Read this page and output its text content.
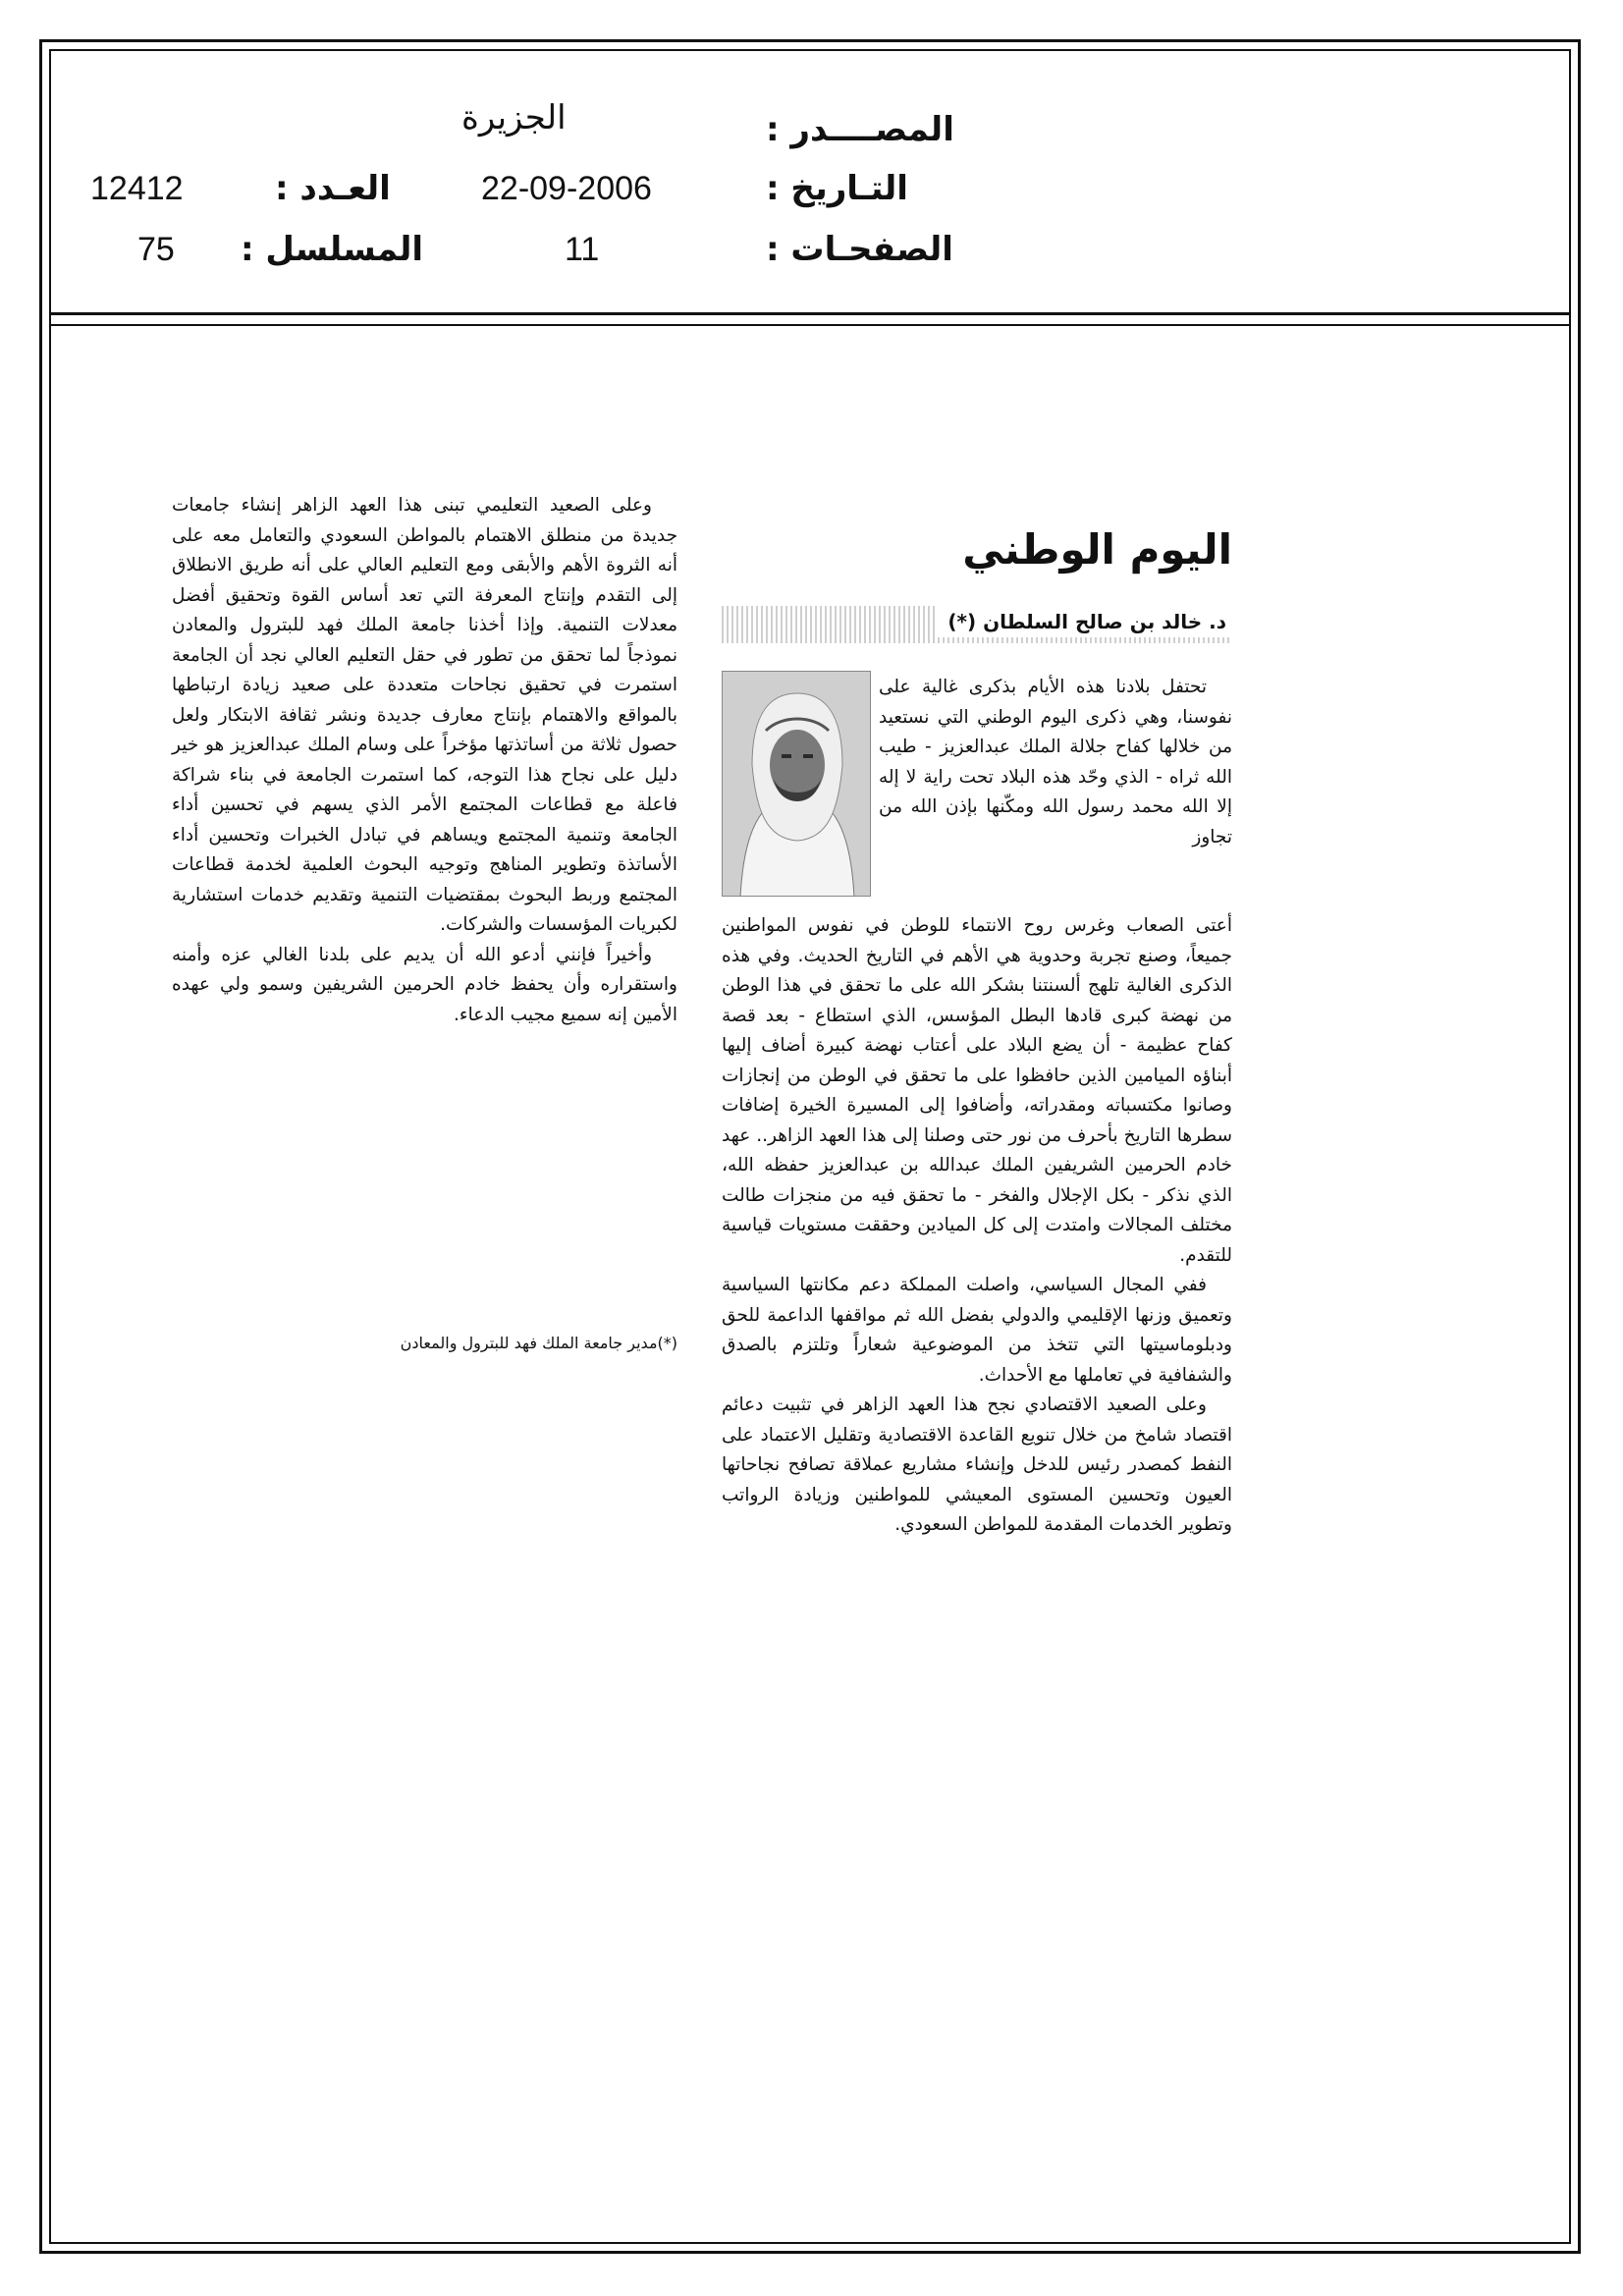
المصــــدر :
الجزيرة
التـاريخ :
22-09-2006
العـدد :
12412
الصفحـات :
11
المسلسل :
75

وعلى الصعيد التعليمي تبنى هذا العهد الزاهر إنشاء جامعات جديدة من منطلق الاهتمام بالمواطن السعودي والتعامل معه على أنه الثروة الأهم والأبقى ومع التعليم العالي على أنه طريق الانطلاق إلى التقدم وإنتاج المعرفة التي تعد أساس القوة وتحقيق أفضل معدلات التنمية. وإذا أخذنا جامعة الملك فهد للبترول والمعادن نموذجاً لما تحقق من تطور في حقل التعليم العالي نجد أن الجامعة استمرت في تحقيق نجاحات متعددة على صعيد زيادة ارتباطها بالمواقع والاهتمام بإنتاج معارف جديدة ونشر ثقافة الابتكار ولعل حصول ثلاثة من أساتذتها مؤخراً على وسام الملك عبدالعزيز هو خير دليل على نجاح هذا التوجه، كما استمرت الجامعة في بناء شراكة فاعلة مع قطاعات المجتمع الأمر الذي يسهم في تحسين أداء الجامعة وتنمية المجتمع ويساهم في تبادل الخبرات وتحسين أداء الأساتذة وتطوير المناهج وتوجيه البحوث العلمية لخدمة قطاعات المجتمع وربط البحوث بمقتضيات التنمية وتقديم خدمات استشارية لكبريات المؤسسات والشركات.

وأخيراً فإنني أدعو الله أن يديم على بلدنا الغالي عزه وأمنه واستقراره وأن يحفظ خادم الحرمين الشريفين وسمو ولي عهده الأمين إنه سميع مجيب الدعاء.

(*)مدير جامعة الملك فهد للبترول والمعادن
اليوم الوطني
د. خالد بن صالح السلطان (*)

تحتفل بلادنا هذه الأيام بذكرى غالية على نفوسنا، وهي ذكرى اليوم الوطني التي نستعيد من خلالها كفاح جلالة الملك عبدالعزيز - طيب الله ثراه - الذي وحّد هذه البلاد تحت راية لا إله إلا الله محمد رسول الله ومكّنها بإذن الله من تجاوز

أعتى الصعاب وغرس روح الانتماء للوطن في نفوس المواطنين جميعاً، وصنع تجربة وحدوية هي الأهم في التاريخ الحديث. وفي هذه الذكرى الغالية تلهج ألسنتنا بشكر الله على ما تحقق في هذا الوطن من نهضة كبرى قادها البطل المؤسس، الذي استطاع - بعد قصة كفاح عظيمة - أن يضع البلاد على أعتاب نهضة كبيرة أضاف إليها أبناؤه الميامين الذين حافظوا على ما تحقق في الوطن من إنجازات وصانوا مكتسباته ومقدراته، وأضافوا إلى المسيرة الخيرة إضافات سطرها التاريخ بأحرف من نور حتى وصلنا إلى هذا العهد الزاهر.. عهد خادم الحرمين الشريفين الملك عبدالله بن عبدالعزيز حفظه الله، الذي نذكر - بكل الإجلال والفخر - ما تحقق فيه من منجزات طالت مختلف المجالات وامتدت إلى كل الميادين وحققت مستويات قياسية للتقدم.

ففي المجال السياسي، واصلت المملكة دعم مكانتها السياسية وتعميق وزنها الإقليمي والدولي بفضل الله ثم مواقفها الداعمة للحق ودبلوماسيتها التي تتخذ من الموضوعية شعاراً وتلتزم بالصدق والشفافية في تعاملها مع الأحداث.

وعلى الصعيد الاقتصادي نجح هذا العهد الزاهر في تثبيت دعائم اقتصاد شامخ من خلال تنويع القاعدة الاقتصادية وتقليل الاعتماد على النفط كمصدر رئيس للدخل وإنشاء مشاريع عملاقة تصافح نجاحاتها العيون وتحسين المستوى المعيشي للمواطنين وزيادة الرواتب وتطوير الخدمات المقدمة للمواطن السعودي.
